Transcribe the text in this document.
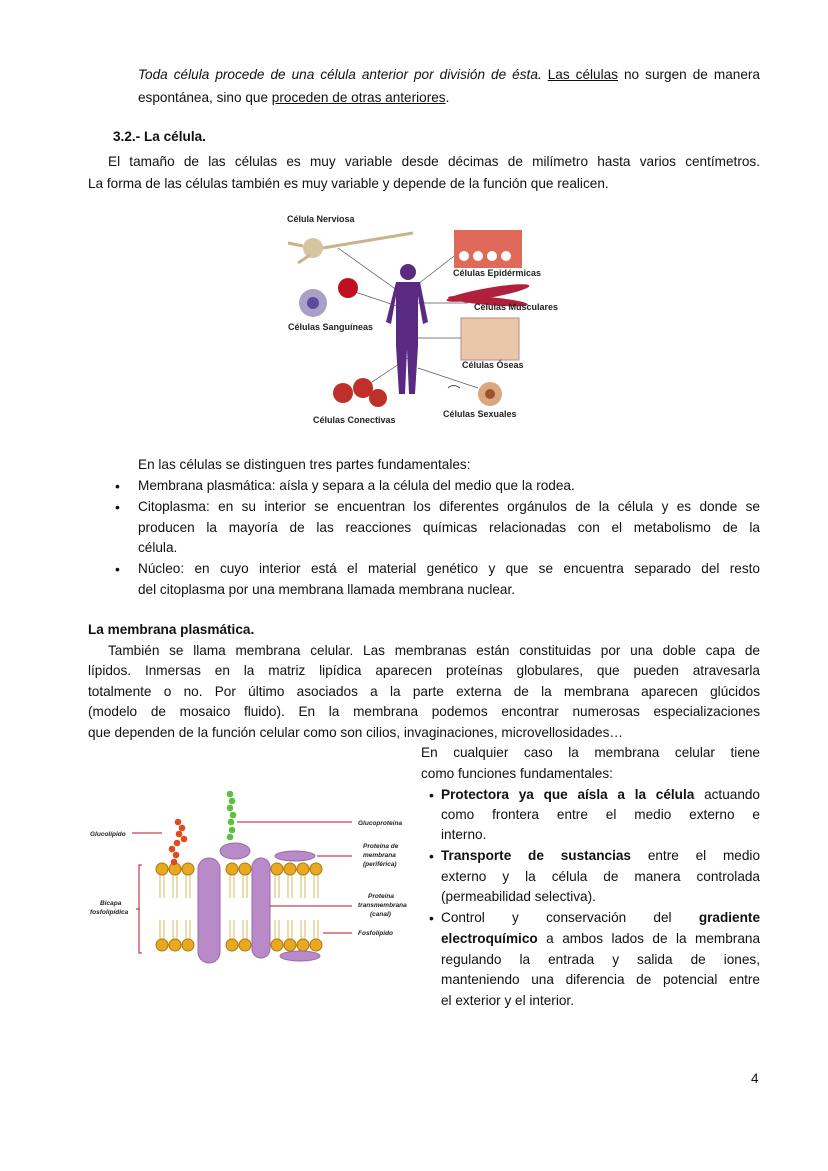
Toda célula procede de una célula anterior por división de ésta. Las células no surgen de manera
espontánea, sino que proceden de otras anteriores.
3.2.- La célula.
El tamaño de las células es muy variable desde décimas de milímetro hasta varios centímetros.
La forma de las células también es muy variable y depende de la función que realicen.
Célula Nerviosa
Células Epidérmicas
Células Musculares
Células Sanguíneas
Células Óseas
Células Sexuales
Células Conectivas
En las células se distinguen tres partes fundamentales:
• Membrana plasmática: aísla y separa a la célula del medio que la rodea.
• Citoplasma: en su interior se encuentran los diferentes orgánulos de la célula y es donde se
producen la mayoría de las reacciones químicas relacionadas con el metabolismo de la
célula.
• Núcleo: en cuyo interior está el material genético y que se encuentra separado del resto
del citoplasma por una membrana llamada membrana nuclear.
La membrana plasmática.
También se llama membrana celular. Las membranas están constituidas por una doble capa de
lípidos. Inmersas en la matriz lipídica aparecen proteínas globulares, que pueden atravesarla
totalmente o no. Por último asociados a la parte externa de la membrana aparecen glúcidos
(modelo de mosaico fluido). En la membrana podemos encontrar numerosas especializaciones
que dependen de la función celular como son cilios, invaginaciones, microvellosidades…
En cualquier caso la membrana celular tiene
como funciones fundamentales:
• Protectora ya que aísla a la célula actuando
como frontera entre el medio externo e
interno.
• Transporte de sustancias entre el medio
externo y la célula de manera controlada
(permeabilidad selectiva).
• Control y conservación del gradiente
electroquímico a ambos lados de la membrana
regulando la entrada y salida de iones,
manteniendo una diferencia de potencial entre
el exterior y el interior.
Glucolípido
Glucoproteína
Proteína de
membrana
(periférica)
Bicapa
fosfolipídica
Proteína
transmembrana
(canal)
Fosfolípido
4
